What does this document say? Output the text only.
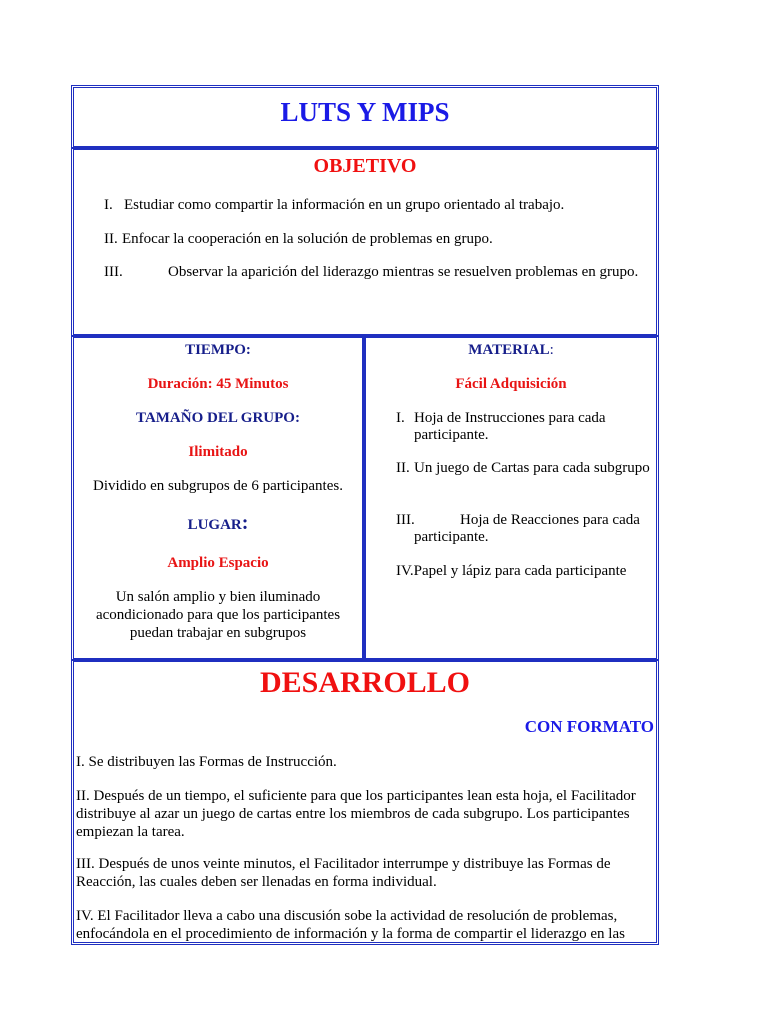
LUTS Y MIPS
OBJETIVO
I. Estudiar como compartir la información en un grupo orientado al trabajo.
II. Enfocar la cooperación en la solución de problemas en grupo.
III.	Observar la aparición del liderazgo mientras se resuelven problemas en grupo.
TIEMPO:
Duración: 45 Minutos
TAMAÑO DEL GRUPO:
Ilimitado
Dividido en subgrupos de 6 participantes.
LUGAR:
Amplio Espacio
Un salón amplio y bien iluminado acondicionado para que los participantes puedan trabajar en subgrupos
MATERIAL:
Fácil Adquisición
I. Hoja de Instrucciones para cada participante.
II. Un juego de Cartas para cada subgrupo
III.	Hoja de Reacciones para cada participante.
IV.Papel y lápiz para cada participante
DESARROLLO
CON FORMATO
I. Se distribuyen las Formas de Instrucción.
II. Después de un tiempo, el suficiente para que los participantes lean esta hoja, el Facilitador distribuye al azar un juego de cartas entre los miembros de cada subgrupo. Los participantes empiezan la tarea.
III. Después de unos veinte minutos, el Facilitador interrumpe y distribuye las Formas de Reacción, las cuales deben ser llenadas en forma individual.
IV. El Facilitador lleva a cabo una discusión sobe la actividad de resolución de problemas, enfocándola en el procedimiento de información y la forma de compartir el liderazgo en las
